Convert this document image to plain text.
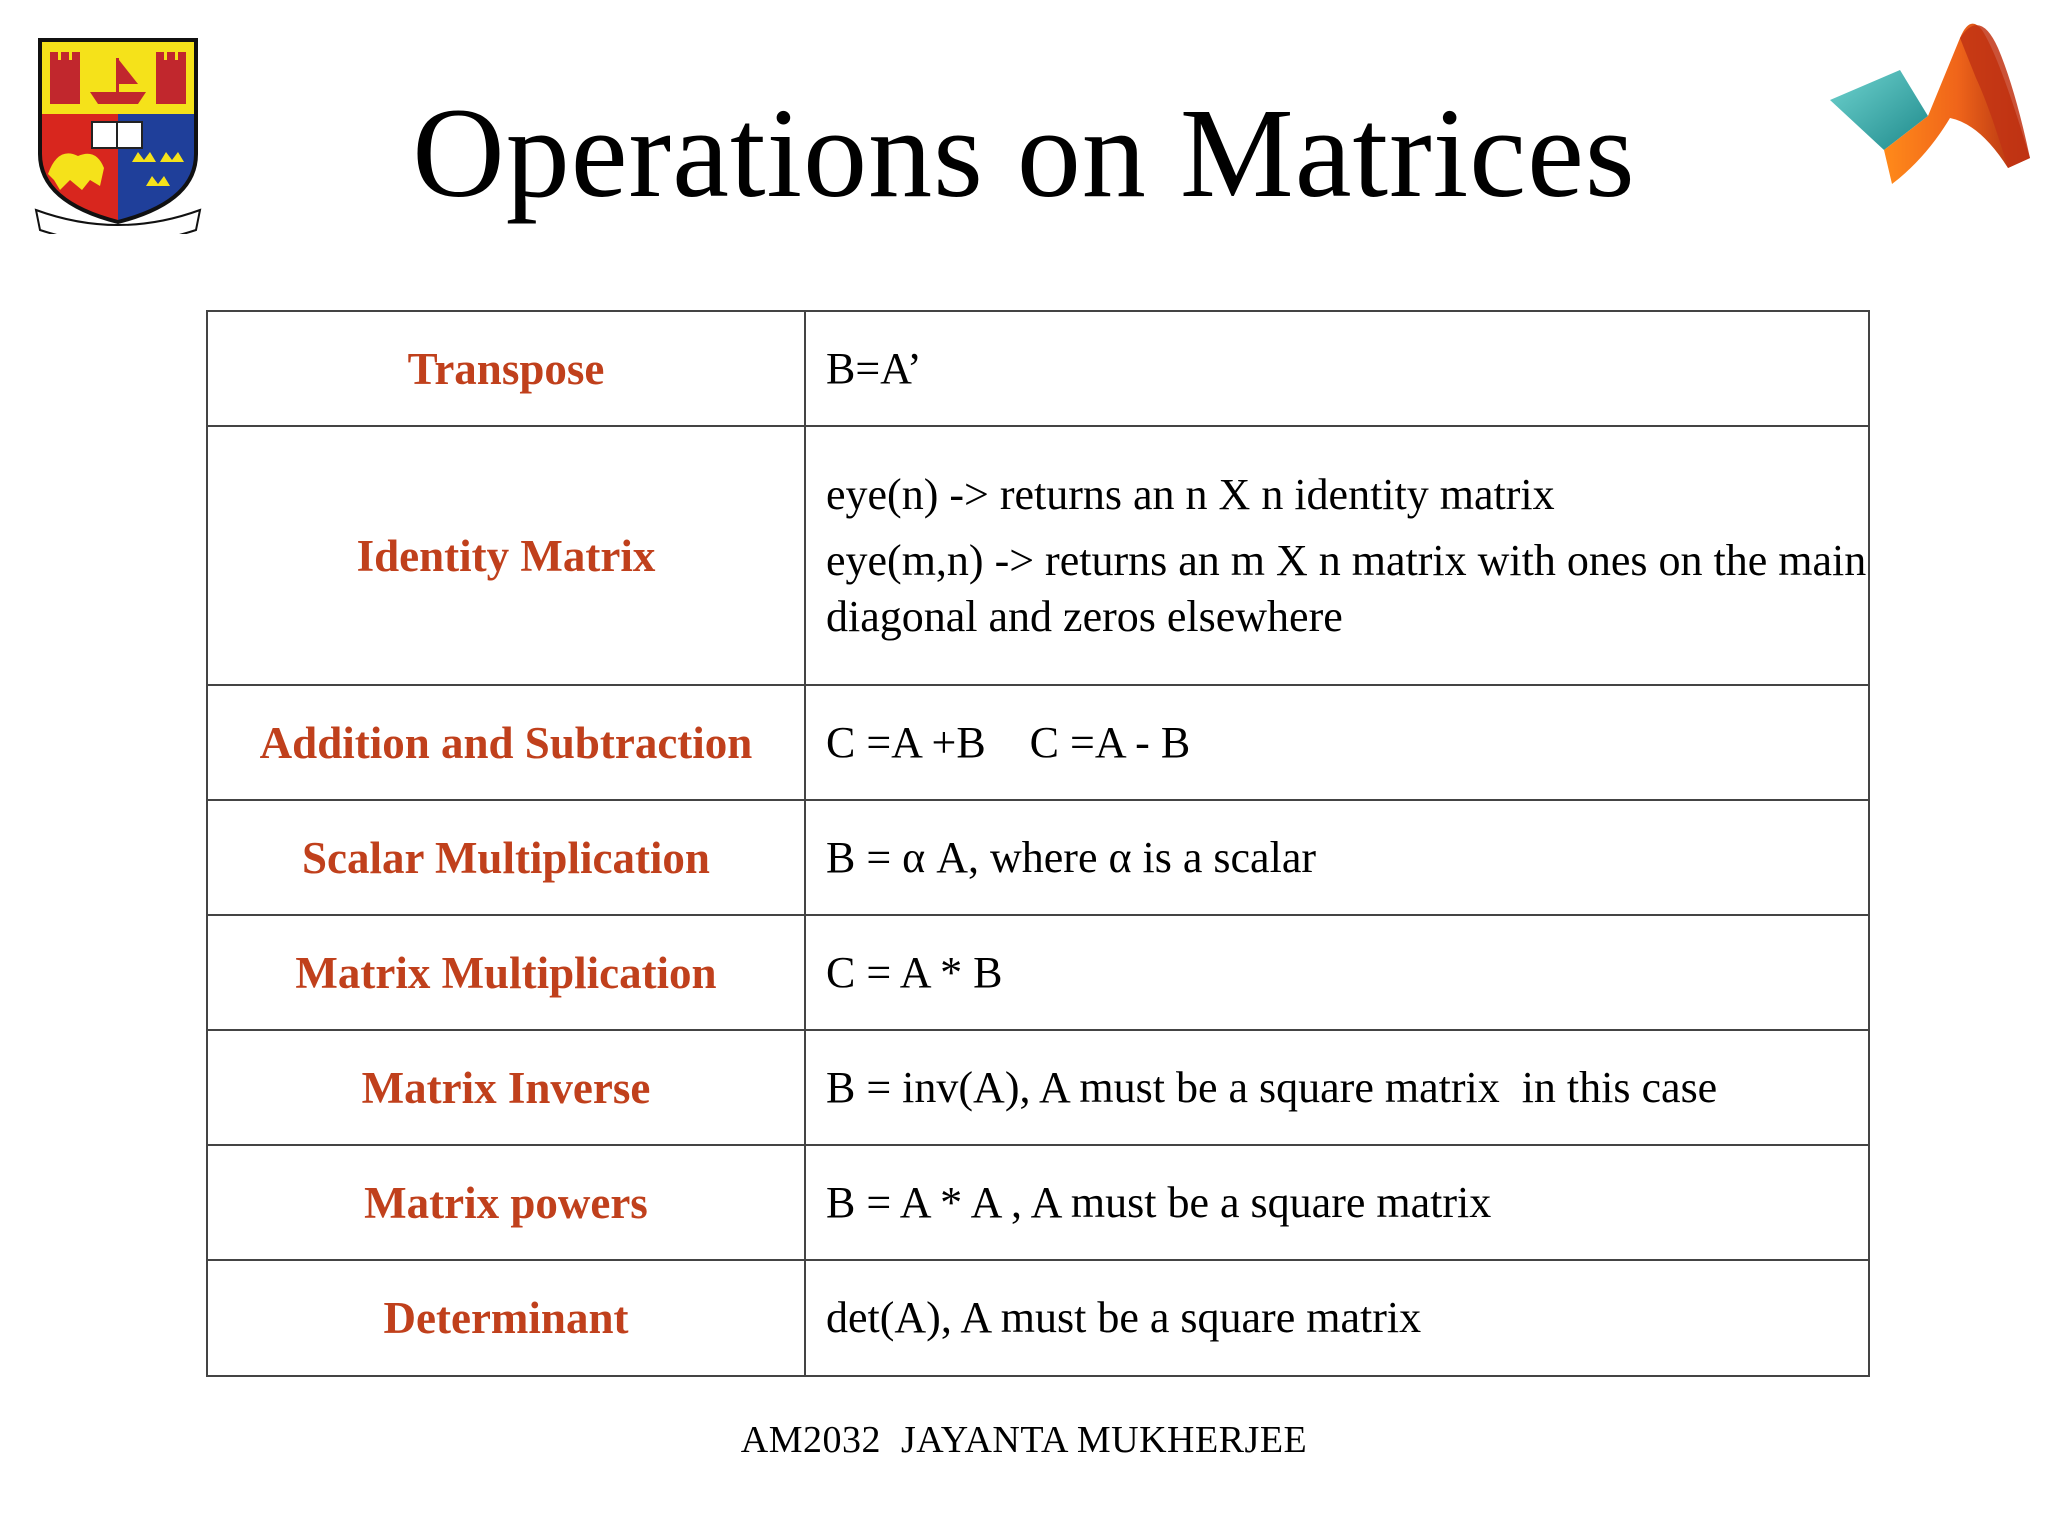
Operations on Matrices
Transpose	B=A’

Identity Matrix	eye(n) -> returns an n X n identity matrix

eye(m,n) -> returns an m X n matrix with ones on the main diagonal and zeros elsewhere

Addition and Subtraction	C =A +B    C =A - B

Scalar Multiplication	B = α A, where α is a scalar

Matrix Multiplication	C = A * B

Matrix Inverse	B = inv(A), A must be a square matrix  in this case

Matrix powers	B = A * A , A must be a square matrix

Determinant	det(A), A must be a square matrix

AM2032  JAYANTA MUKHERJEE
